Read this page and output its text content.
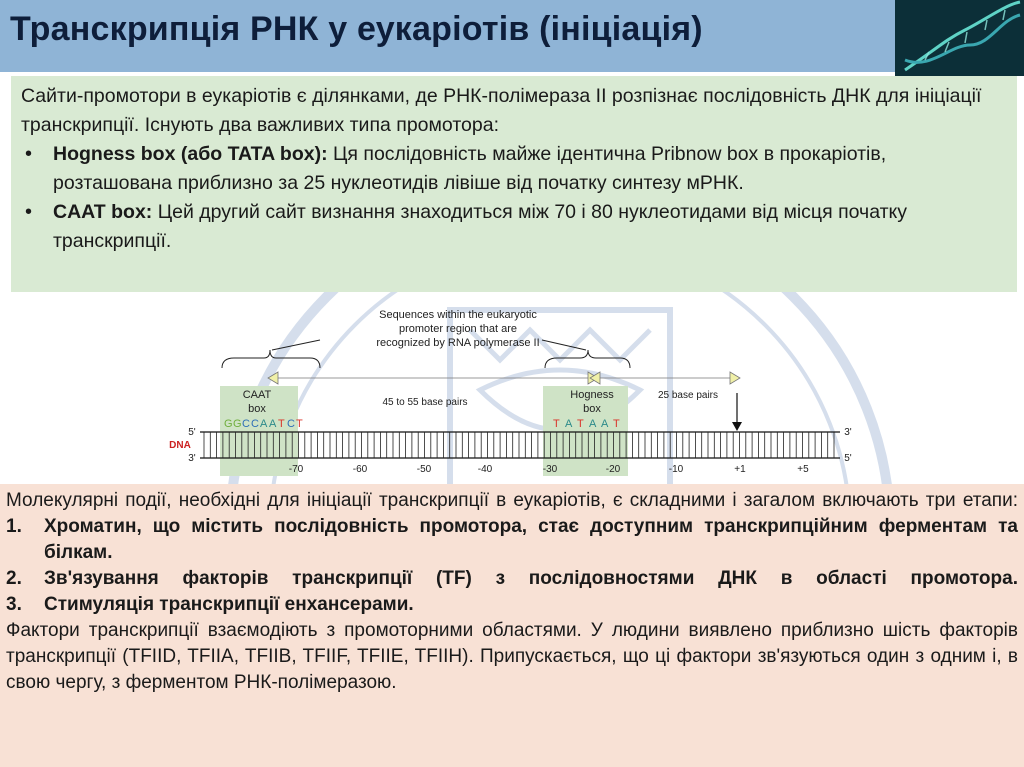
Транскрипція РНК у еукаріотів (ініціація)

Сайти-промотори в еукаріотів є ділянками, де РНК-полімераза II розпізнає послідовність ДНК для ініціації транскрипції. Існують два важливих типа промотора:

• Hogness box (або TATA box): Ця послідовність майже ідентична Pribnow box в прокаріотів, розташована приблизно за 25 нуклеотидів лівіше від початку синтезу мРНК.
• CAAT box: Цей другий сайт визнання знаходиться між 70 і 80 нуклеотидами від місця початку транскрипції.
Sequences within the eukaryotic
promoter region that are
recognized by RNA polymerase II
CAAT
box
Hogness
box
45 to 55 base pairs
25 base pairs
G G C C A A T C T	T A T A A T
5'	3'
3'	5'
DNA
-70	-60	-50	-40	-30	-20	-10	+1	+5

Молекулярні події, необхідні для ініціації транскрипції в еукаріотів, є складними і загалом включають три етапи:

1. Хроматин, що містить послідовність промотора, стає доступним транскрипційним ферментам та білкам.
2. Зв'язування факторів транскрипції (TF) з послідовностями ДНК в області промотора.
3. Стимуляція транскрипції енхансерами.

Фактори транскрипції взаємодіють з промоторними областями. У людини виявлено приблизно шість факторів транскрипції (TFIID, TFIIA, TFIIB, TFIIF, TFIIE, TFIIH). Припускається, що ці фактори зв'язуються один з одним і, в свою чергу, з ферментом РНК-полімеразою.
